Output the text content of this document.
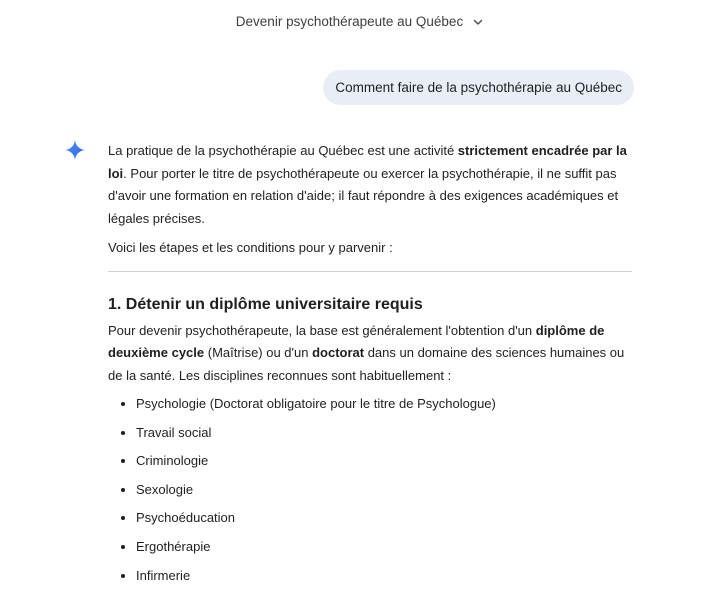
Devenir psychothérapeute au Québec
Comment faire de la psychothérapie au Québec

La pratique de la psychothérapie au Québec est une activité strictement encadrée par la loi. Pour porter le titre de psychothérapeute ou exercer la psychothérapie, il ne suffit pas d'avoir une formation en relation d'aide; il faut répondre à des exigences académiques et légales précises.

Voici les étapes et les conditions pour y parvenir :

1. Détenir un diplôme universitaire requis

Pour devenir psychothérapeute, la base est généralement l'obtention d'un diplôme de deuxième cycle (Maîtrise) ou d'un doctorat dans un domaine des sciences humaines ou de la santé. Les disciplines reconnues sont habituellement :

• Psychologie (Doctorat obligatoire pour le titre de Psychologue)
• Travail social
• Criminologie
• Sexologie
• Psychoéducation
• Ergothérapie
• Infirmerie
